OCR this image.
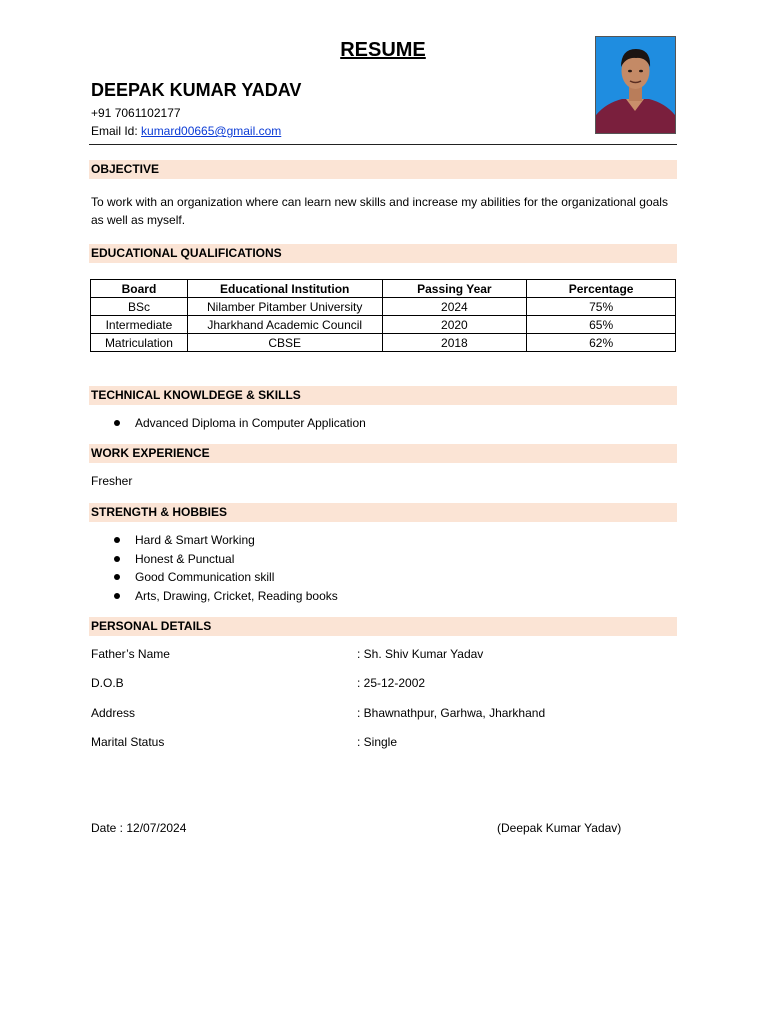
RESUME
DEEPAK KUMAR YADAV
+91 7061102177
Email Id: kumard00665@gmail.com
OBJECTIVE
To work with an organization where can learn new skills and increase my abilities for the organizational goals as well as myself.
EDUCATIONAL QUALIFICATIONS
Board	Educational Institution	Passing Year	Percentage
BSc	Nilamber Pitamber University	2024	75%
Intermediate	Jharkhand Academic Council	2020	65%
Matriculation	CBSE	2018	62%
TECHNICAL KNOWLDEGE & SKILLS
Advanced Diploma in Computer Application
WORK EXPERIENCE
Fresher
STRENGTH & HOBBIES
Hard & Smart Working
Honest & Punctual
Good Communication skill
Arts, Drawing, Cricket, Reading books
PERSONAL DETAILS
Father’s Name	: Sh. Shiv Kumar Yadav
D.O.B	: 25-12-2002
Address	: Bhawnathpur, Garhwa, Jharkhand
Marital Status	: Single
Date : 12/07/2024	(Deepak Kumar Yadav)
